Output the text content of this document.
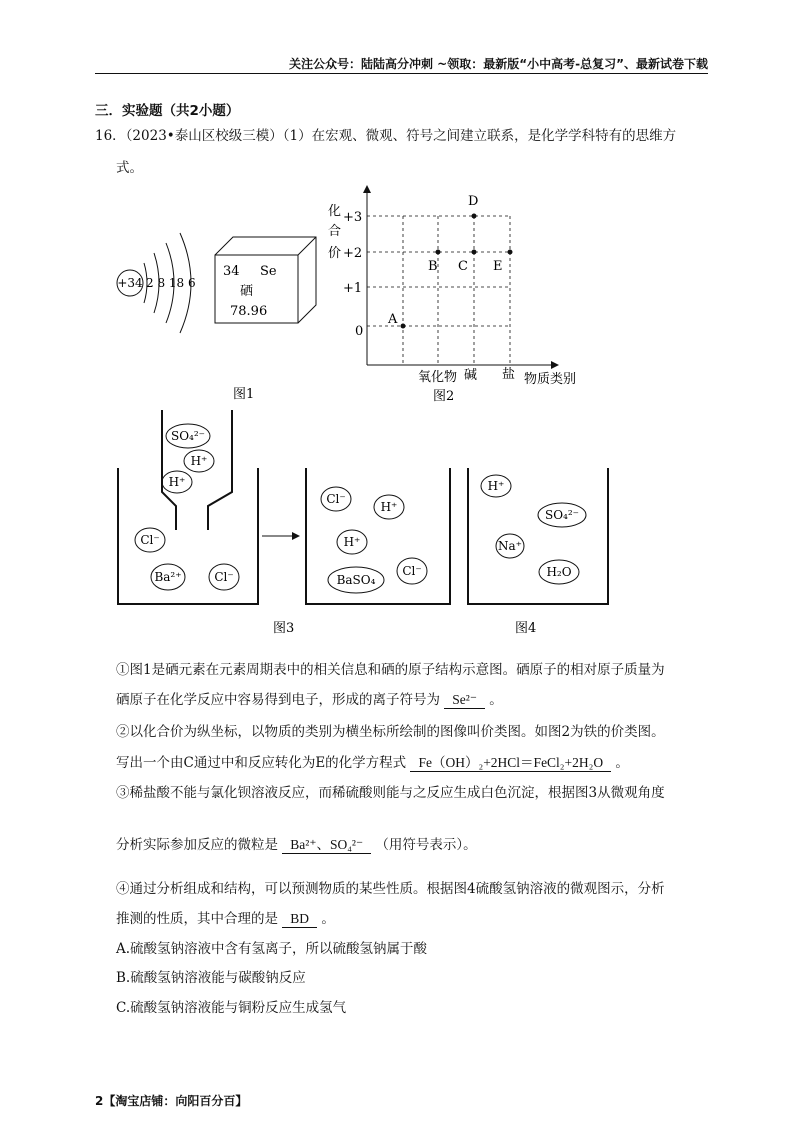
关注公众号：陆陆高分冲刺 ~领取：最新版“小中高考-总复习”、最新试卷下载
三．实验题（共2小题）
16．（2023•泰山区校级三模）（1）在宏观、微观、符号之间建立联系，是化学学科特有的思维方
式。
+34 2 8 18 6
34 Se
硒
78.96
图1
化
合
价
+3
+2
+1
0
A
B C
D
E
氧化物 碱 盐 物质类别
图2
SO₄²⁻
H⁺
H⁺
Cl⁻
Ba²⁺	Cl⁻
Cl⁻
H⁺
H⁺
BaSO₄
Cl⁻
H⁺
SO₄²⁻
Na⁺
H₂O
图3	图4
①图1是硒元素在元素周期表中的相关信息和硒的原子结构示意图。硒原子的相对原子质量为
硒原子在化学反应中容易得到电子，形成的离子符号为 Se²⁻ 。
②以化合价为纵坐标，以物质的类别为横坐标所绘制的图像叫价类图。如图2为铁的价类图。
写出一个由C通过中和反应转化为E的化学方程式 Fe（OH）₂+2HCl＝FeCl₂+2H₂O 。
③稀盐酸不能与氯化钡溶液反应，而稀硫酸则能与之反应生成白色沉淀，根据图3从微观角度
分析实际参加反应的微粒是 Ba²⁺、SO₄²⁻ （用符号表示）。
④通过分析组成和结构，可以预测物质的某些性质。根据图4硫酸氢钠溶液的微观图示，分析
推测的性质，其中合理的是 BD 。
A.硫酸氢钠溶液中含有氢离子，所以硫酸氢钠属于酸
B.硫酸氢钠溶液能与碳酸钠反应
C.硫酸氢钠溶液能与铜粉反应生成氢气
2【淘宝店铺：向阳百分百】
